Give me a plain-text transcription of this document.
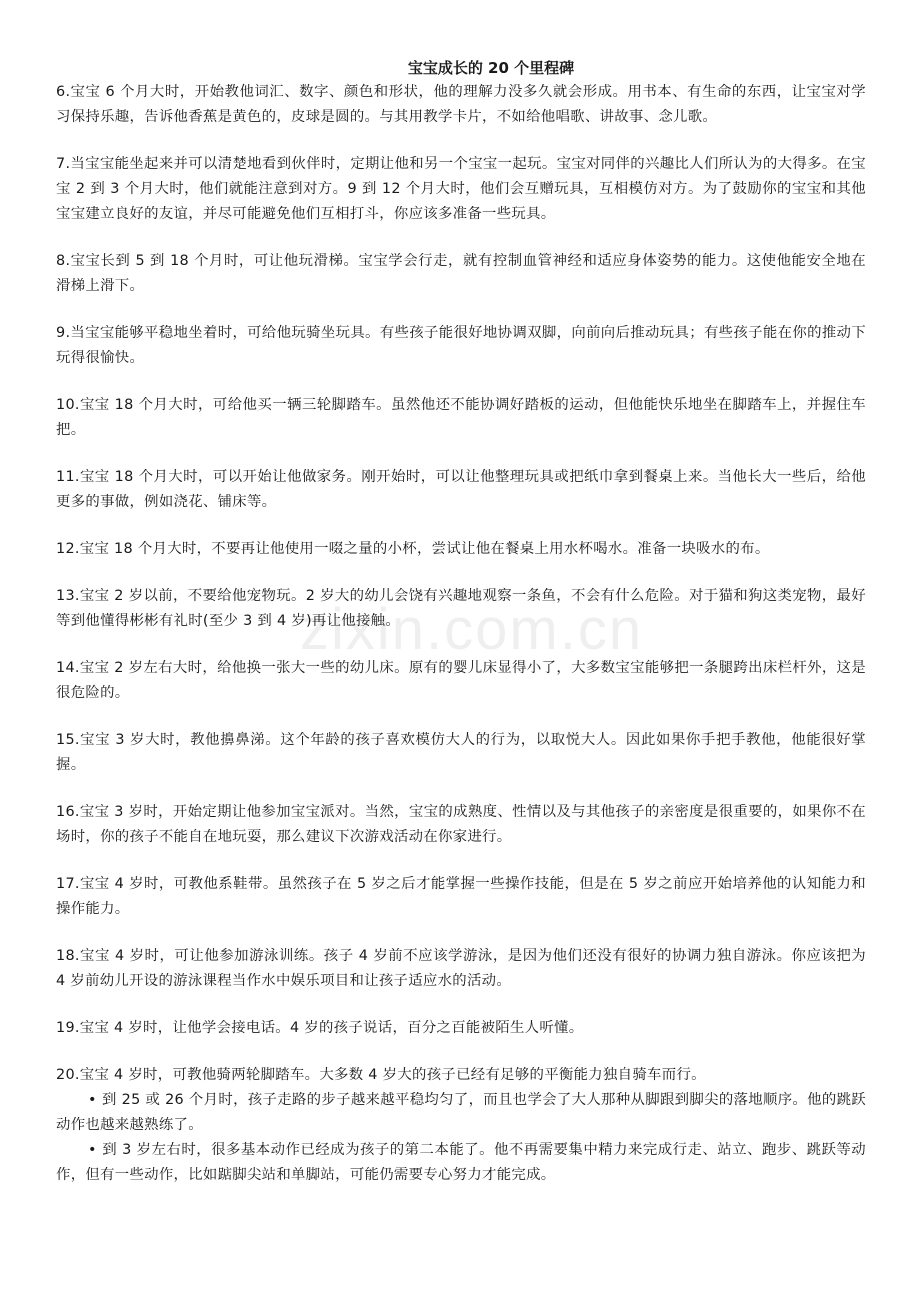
zixin.com.cn
宝宝成长的 20 个里程碑

6.宝宝 6 个月大时，开始教他词汇、数字、颜色和形状，他的理解力没多久就会形成。用书本、有生命的东西，让宝宝对学习保持乐趣，告诉他香蕉是黄色的，皮球是圆的。与其用教学卡片，不如给他唱歌、讲故事、念儿歌。

7.当宝宝能坐起来并可以清楚地看到伙伴时，定期让他和另一个宝宝一起玩。宝宝对同伴的兴趣比人们所认为的大得多。在宝宝 2 到 3 个月大时，他们就能注意到对方。9 到 12 个月大时，他们会互赠玩具，互相模仿对方。为了鼓励你的宝宝和其他宝宝建立良好的友谊，并尽可能避免他们互相打斗，你应该多准备一些玩具。

8.宝宝长到 5 到 18 个月时，可让他玩滑梯。宝宝学会行走，就有控制血管神经和适应身体姿势的能力。这使他能安全地在滑梯上滑下。

9.当宝宝能够平稳地坐着时，可给他玩骑坐玩具。有些孩子能很好地协调双脚，向前向后推动玩具；有些孩子能在你的推动下玩得很愉快。

10.宝宝 18 个月大时，可给他买一辆三轮脚踏车。虽然他还不能协调好踏板的运动，但他能快乐地坐在脚踏车上，并握住车把。

11.宝宝 18 个月大时，可以开始让他做家务。刚开始时，可以让他整理玩具或把纸巾拿到餐桌上来。当他长大一些后，给他更多的事做，例如浇花、铺床等。

12.宝宝 18 个月大时，不要再让他使用一啜之量的小杯，尝试让他在餐桌上用水杯喝水。准备一块吸水的布。

13.宝宝 2 岁以前，不要给他宠物玩。2 岁大的幼儿会饶有兴趣地观察一条鱼，不会有什么危险。对于猫和狗这类宠物，最好等到他懂得彬彬有礼时(至少 3 到 4 岁)再让他接触。

14.宝宝 2 岁左右大时，给他换一张大一些的幼儿床。原有的婴儿床显得小了，大多数宝宝能够把一条腿跨出床栏杆外，这是很危险的。

15.宝宝 3 岁大时，教他擤鼻涕。这个年龄的孩子喜欢模仿大人的行为，以取悦大人。因此如果你手把手教他，他能很好掌握。

16.宝宝 3 岁时，开始定期让他参加宝宝派对。当然，宝宝的成熟度、性情以及与其他孩子的亲密度是很重要的，如果你不在场时，你的孩子不能自在地玩耍，那么建议下次游戏活动在你家进行。

17.宝宝 4 岁时，可教他系鞋带。虽然孩子在 5 岁之后才能掌握一些操作技能，但是在 5 岁之前应开始培养他的认知能力和操作能力。

18.宝宝 4 岁时，可让他参加游泳训练。孩子 4 岁前不应该学游泳，是因为他们还没有很好的协调力独自游泳。你应该把为 4 岁前幼儿开设的游泳课程当作水中娱乐项目和让孩子适应水的活动。

19.宝宝 4 岁时，让他学会接电话。4 岁的孩子说话，百分之百能被陌生人听懂。

20.宝宝 4 岁时，可教他骑两轮脚踏车。大多数 4 岁大的孩子已经有足够的平衡能力独自骑车而行。

• 到 25 或 26 个月时，孩子走路的步子越来越平稳均匀了，而且也学会了大人那种从脚跟到脚尖的落地顺序。他的跳跃动作也越来越熟练了。

• 到 3 岁左右时，很多基本动作已经成为孩子的第二本能了。他不再需要集中精力来完成行走、站立、跑步、跳跃等动作，但有一些动作，比如踮脚尖站和单脚站，可能仍需要专心努力才能完成。
